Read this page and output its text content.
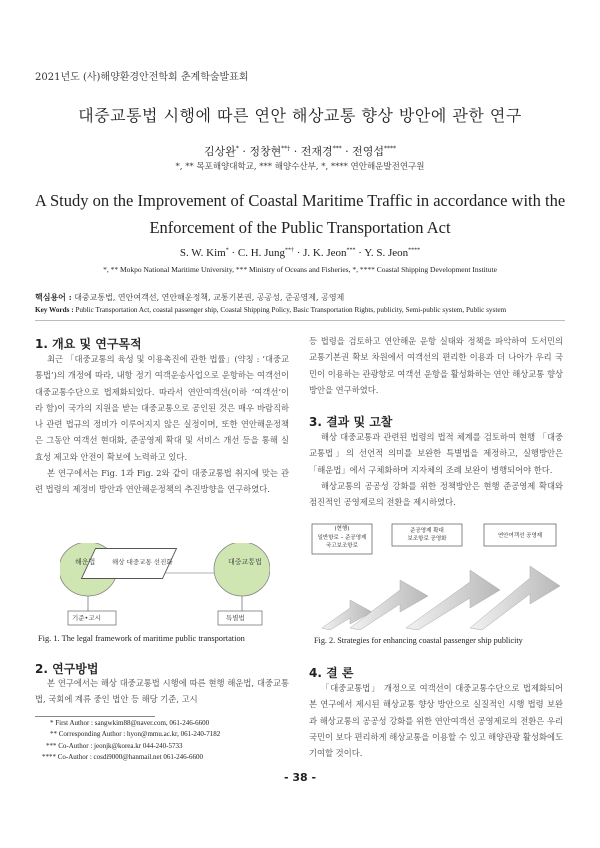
2021년도 (사)해양환경안전학회 춘계학술발표회
대중교통법 시행에 따른 연안 해상교통 향상 방안에 관한 연구
김상완* · 정창현**† · 전재경*** · 전영섭****
*, ** 목포해양대학교, *** 해양수산부, *, **** 연안해운발전연구원
A Study on the Improvement of Coastal Maritime Traffic in accordance with the
Enforcement of the Public Transportation Act
S. W. Kim* · C. H. Jung**† · J. K. Jeon*** · Y. S. Jeon****
*, ** Mokpo National Maritime University, *** Ministry of Oceans and Fisheries, *, **** Coastal Shipping Development Institute
핵심용어 : 대중교통법, 연안여객선, 연안해운정책, 교통기본권, 공공성, 준공영제, 공영제
Key Words : Public Transportation Act, coastal passenger ship, Coastal Shipping Policy, Basic Transportation Rights, publicity, Semi-public system, Public system
1. 개요 및 연구목적

최근 「대중교통의 육성 및 이용촉진에 관한 법률」(약칭 : ‘대중교통법’)의 개정에 따라, 내항 정기 여객운송사업으로 운항하는 여객선이 대중교통수단으로 법제화되었다. 따라서 연안여객선(이하 ‘여객선’이라 함)이 국가의 지원을 받는 대중교통으로 공인된 것은 매우 바람직하나 관련 법규의 정비가 이루어지지 않은 실정이며, 또한 연안해운정책은 그동안 여객선 현대화, 준공영제 확대 및 서비스 개선 등을 통해 실효성 제고와 안전이 확보에 노력하고 있다.

본 연구에서는 Fig. 1과 Fig. 2와 같이 대중교통법 취지에 맞는 관련 법령의 제정비 방안과 연안해운정책의 추진방향을 연구하였다.

해운법	해상 대중교통 선진화	대중교통법
기준•고시	특별법
Fig. 1. The legal framework of maritime public transportation
2. 연구방법

본 연구에서는 해상 대중교통법 시행에 따른 현행 해운법, 대중교통법, 국회에 계류 중인 법안 등 해당 기준, 고시

* First Author : sangwkim88@naver.com, 061-246-6600
** Corresponding Author : hyon@mmu.ac.kr, 061-240-7182
*** Co-Author : jeonjk@korea.kr 044-240-5733
**** Co-Author : cosdi9000@hanmail.net 061-246-6600

등 법령을 검토하고 연안해운 운항 실태와 정책을 파악하여 도서민의 교통기본권 확보 차원에서 여객선의 편리한 이용과 더 나아가 우리 국민이 이용하는 관광항로 여객선 운항을 활성화하는 연안 해상교통 향상 방안을 연구하였다.

3. 결과 및 고찰

해상 대중교통과 관련된 법령의 법적 체계를 검토하여 현행 「대중교통법」의 선언적 의미를 보완한 특별법을 제정하고, 실행방안은 「해운법」에서 구체화하며 지자체의 조례 보완이 병행되어야 한다.

해상교통의 공공성 강화를 위한 정책방안은 현행 준공영제 확대와 점진적인 공영제로의 전환을 제시하였다.

(현행)
일반항로 – 준공영제
국고보조항로
준공영제 확대
보조항로 공영화	연안여객선 공영제
Fig. 2. Strategies for enhancing coastal passenger ship publicity
4. 결 론

「대중교통법」 개정으로 여객선이 대중교통수단으로 법제화되어 본 연구에서 제시된 해상교통 향상 방안으로 실질적인 시행 법령 보완과 해상교통의 공공성 강화를 위한 연안여객선 공영제로의 전환은 우리 국민이 보다 편리하게 해상교통을 이용할 수 있고 해양관광 활성화에도 기여할 것이다.

- 38 -
